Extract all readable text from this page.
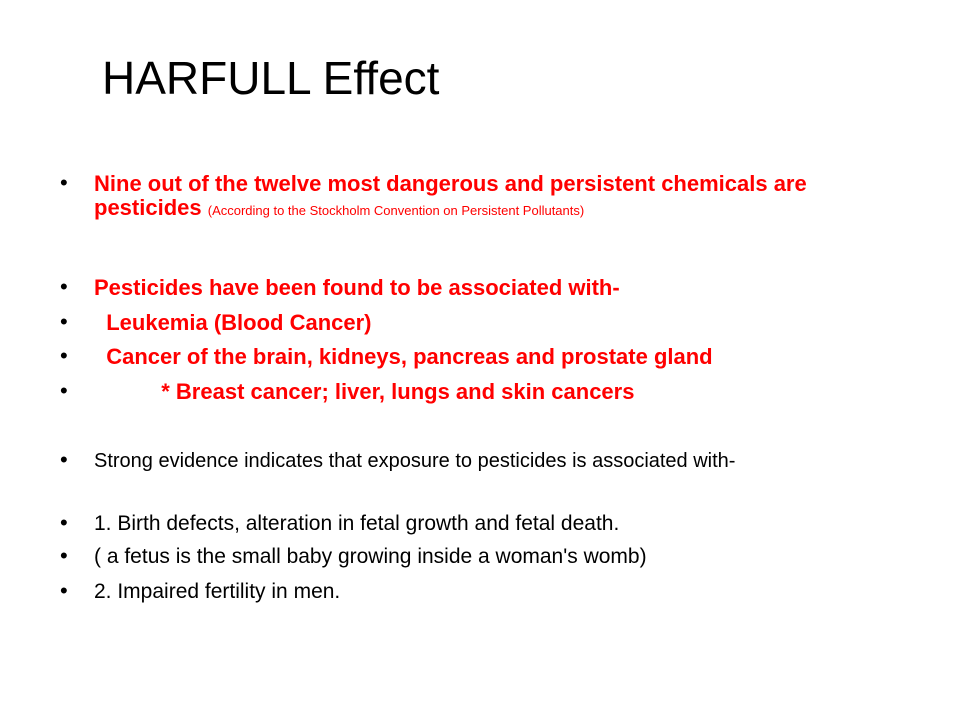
HARFULL Effect
• Nine out of the twelve most dangerous and persistent chemicals are pesticides (According to the Stockholm Convention on Persistent Pollutants)
• Pesticides have been found to be associated with-
• Leukemia (Blood Cancer)
• Cancer of the brain, kidneys, pancreas and prostate gland
• * Breast cancer; liver, lungs and skin cancers
• Strong evidence indicates that exposure to pesticides is associated with-
• 1. Birth defects, alteration in fetal growth and fetal death.
• ( a fetus is the small baby growing inside a woman's womb)
• 2. Impaired fertility in men.
